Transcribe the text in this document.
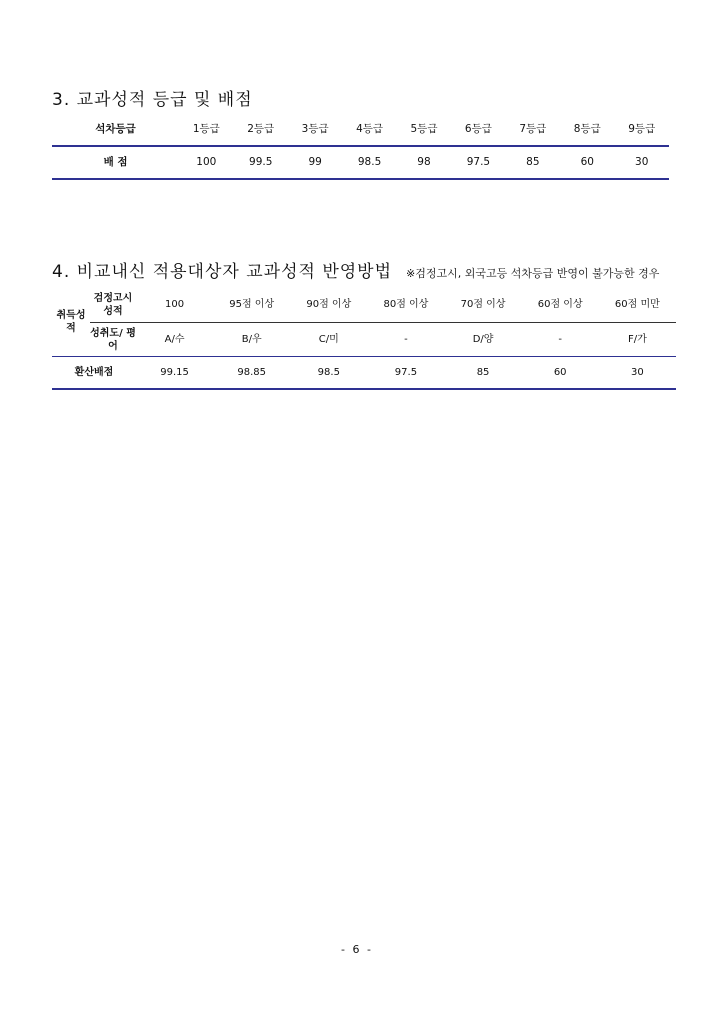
3. 교과성적 등급 및 배점
석차등급	1등급	2등급	3등급	4등급	5등급	6등급	7등급	8등급	9등급
배 점	100	99.5	99	98.5	98	97.5	85	60	30
4. 비교내신 적용대상자 교과성적 반영방법 ※검정고시, 외국고등 석차등급 반영이 불가능한 경우
취득성적	검정고시 성적	100	95점 이상	90점 이상	80점 이상	70점 이상	60점 이상	60점 미만
	성취도/ 평어	A/수	B/우	C/미	-	D/양	-	F/가
환산배점		99.15	98.85	98.5	97.5	85	60	30
- 6 -
